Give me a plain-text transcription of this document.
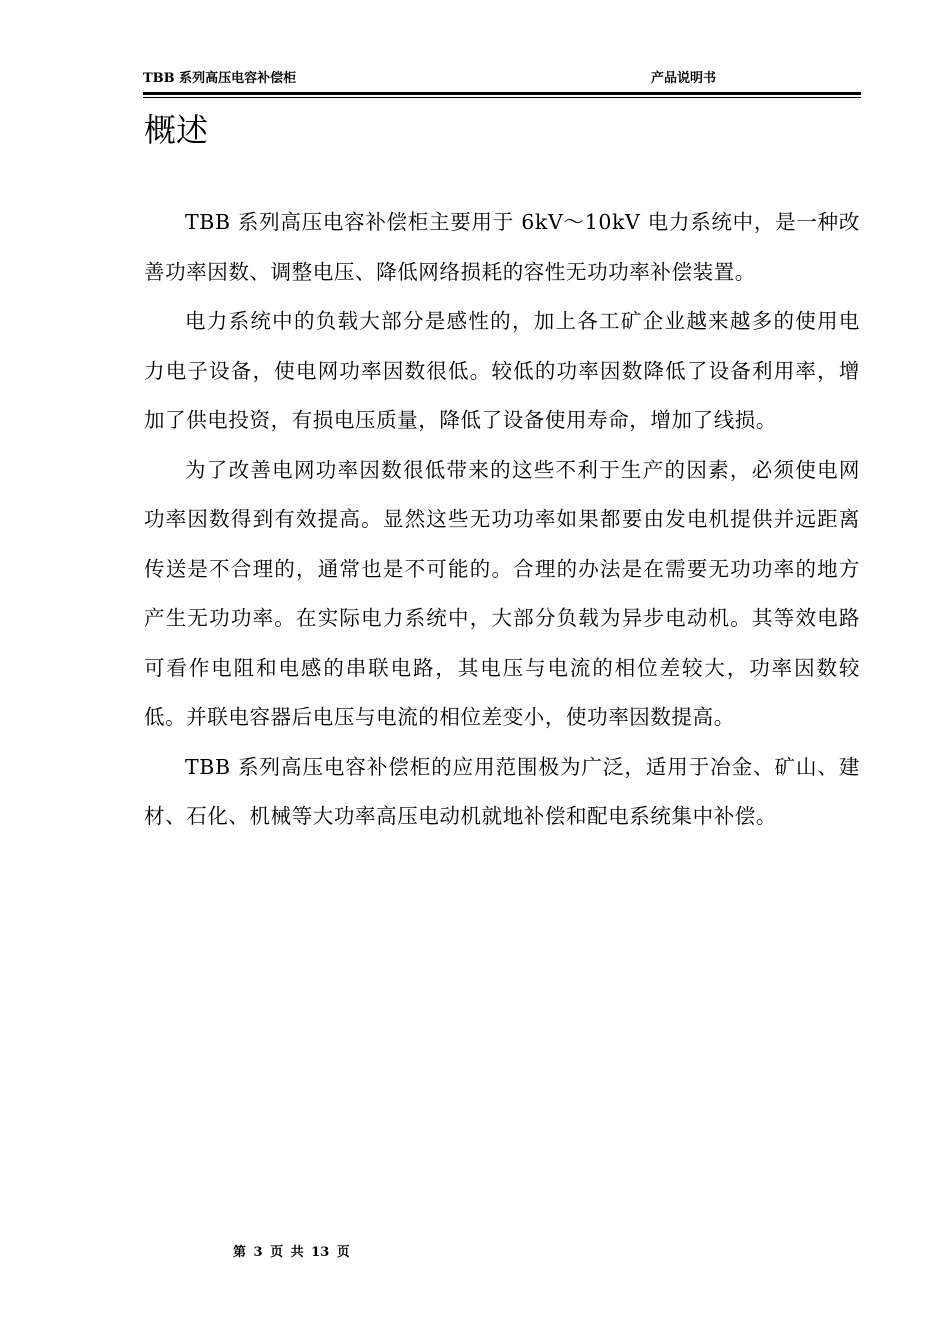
TBB 系列高压电容补偿柜	产品说明书
概述

TBB 系列高压电容补偿柜主要用于 6kV～10kV 电力系统中，是一种改善功率因数、调整电压、降低网络损耗的容性无功功率补偿装置。

电力系统中的负载大部分是感性的，加上各工矿企业越来越多的使用电力电子设备，使电网功率因数很低。较低的功率因数降低了设备利用率，增加了供电投资，有损电压质量，降低了设备使用寿命，增加了线损。

为了改善电网功率因数很低带来的这些不利于生产的因素，必须使电网功率因数得到有效提高。显然这些无功功率如果都要由发电机提供并远距离传送是不合理的，通常也是不可能的。合理的办法是在需要无功功率的地方产生无功功率。在实际电力系统中，大部分负载为异步电动机。其等效电路可看作电阻和电感的串联电路，其电压与电流的相位差较大，功率因数较低。并联电容器后电压与电流的相位差变小，使功率因数提高。

TBB 系列高压电容补偿柜的应用范围极为广泛，适用于冶金、矿山、建材、石化、机械等大功率高压电动机就地补偿和配电系统集中补偿。

第 3 页 共 13 页
